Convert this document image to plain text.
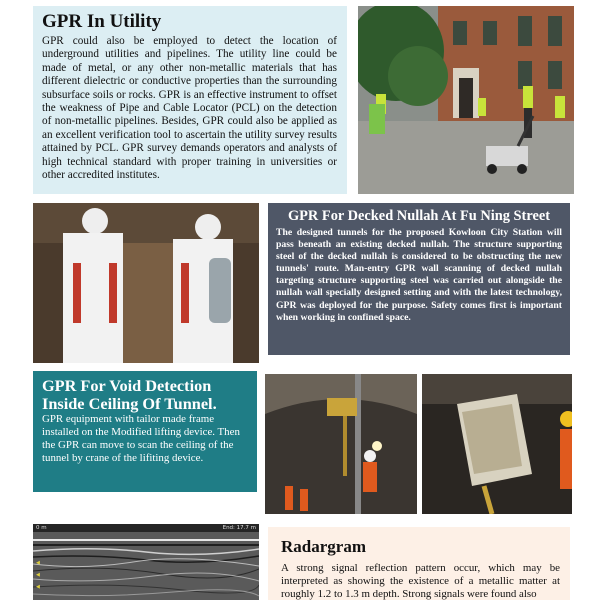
GPR In Utility

GPR could also be employed to detect the location of underground utilities and pipelines. The utility line could be made of metal, or any other non-metallic materials that has different dielectric or conductive properties than the surrounding subsurface soils or rocks. GPR is an effective instrument to offset the weakness of Pipe and Cable Locator (PCL) on the detection of non-metallic pipelines. Besides, GPR could also be applied as an excellent verification tool to ascertain the utility survey results attained by PCL. GPR survey demands operators and analysts of high technical standard with proper training in universities or other accredited institutes.

GPR For Decked Nullah At Fu Ning Street

The designed tunnels for the proposed Kowloon City Station will pass beneath an existing decked nullah. The structure supporting steel of the decked nullah is considered to be obstructing the new tunnels' route. Man-entry GPR wall scanning of decked nullah targeting structure supporting steel was carried out alongside the nullah wall specially designed setting and with the latest technology, GPR was deployed for the purpose. Safety comes first is important when working in confined space.

GPR For Void Detection Inside Ceiling Of Tunnel.

GPR equipment with tailor made frame installed on the Modified lifting device. Then the GPR can move to scan the ceiling of the tunnel by crane of the lifiting device.

◀
◀
◀
0 m	End: 17.7 m
Radargram

A strong signal reflection pattern occur, which may be interpreted as showing the existence of a metallic matter at roughly 1.2 to 1.3 m depth. Strong signals were found also
